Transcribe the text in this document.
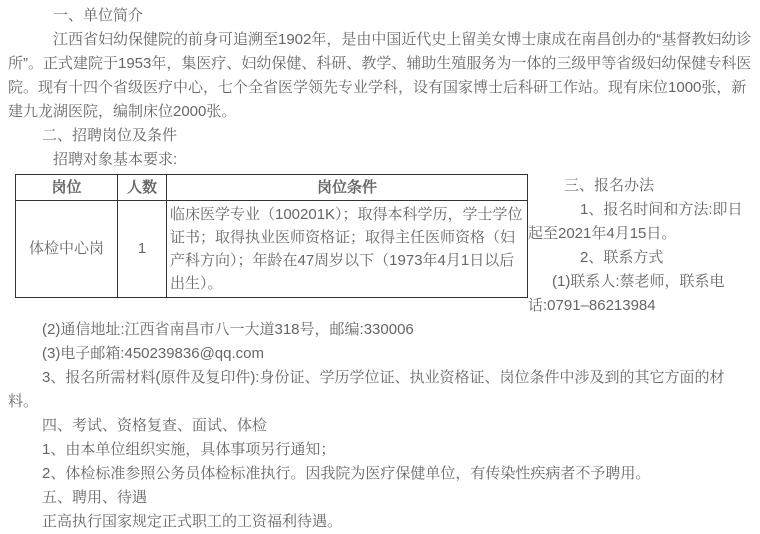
一、单位简介

江西省妇幼保健院的前身可追溯至1902年，是由中国近代史上留美女博士康成在南昌创办的“基督教妇幼诊所”。正式建院于1953年，集医疗、妇幼保健、科研、教学、辅助生殖服务为一体的三级甲等省级妇幼保健专科医院。现有十四个省级医疗中心，七个全省医学领先专业学科，设有国家博士后科研工作站。现有床位1000张，新建九龙湖医院，编制床位2000张。

二、招聘岗位及条件

招聘对象基本要求:

岗位	人数	岗位条件
体检中心岗	1	临床医学专业（100201K）；取得本科学历，学士学位证书；取得执业医师资格证；取得主任医师资格（妇产科方向）；年龄在47周岁以下（1973年4月1日以后出生）。
三、报名办法
1、报名时间和方法:即日
起至2021年4月15日。
2、联系方式
(1)联系人:蔡老师，联系电
话:0791–86213984

(2)通信地址:江西省南昌市八一大道318号，邮编:330006

(3)电子邮箱:450239836@qq.com

3、报名所需材料(原件及复印件):身份证、学历学位证、执业资格证、岗位条件中涉及到的其它方面的材料。

四、考试、资格复查、面试、体检

1、由本单位组织实施，具体事项另行通知；

2、体检标准参照公务员体检标准执行。因我院为医疗保健单位，有传染性疾病者不予聘用。

五、聘用、待遇

正高执行国家规定正式职工的工资福利待遇。
